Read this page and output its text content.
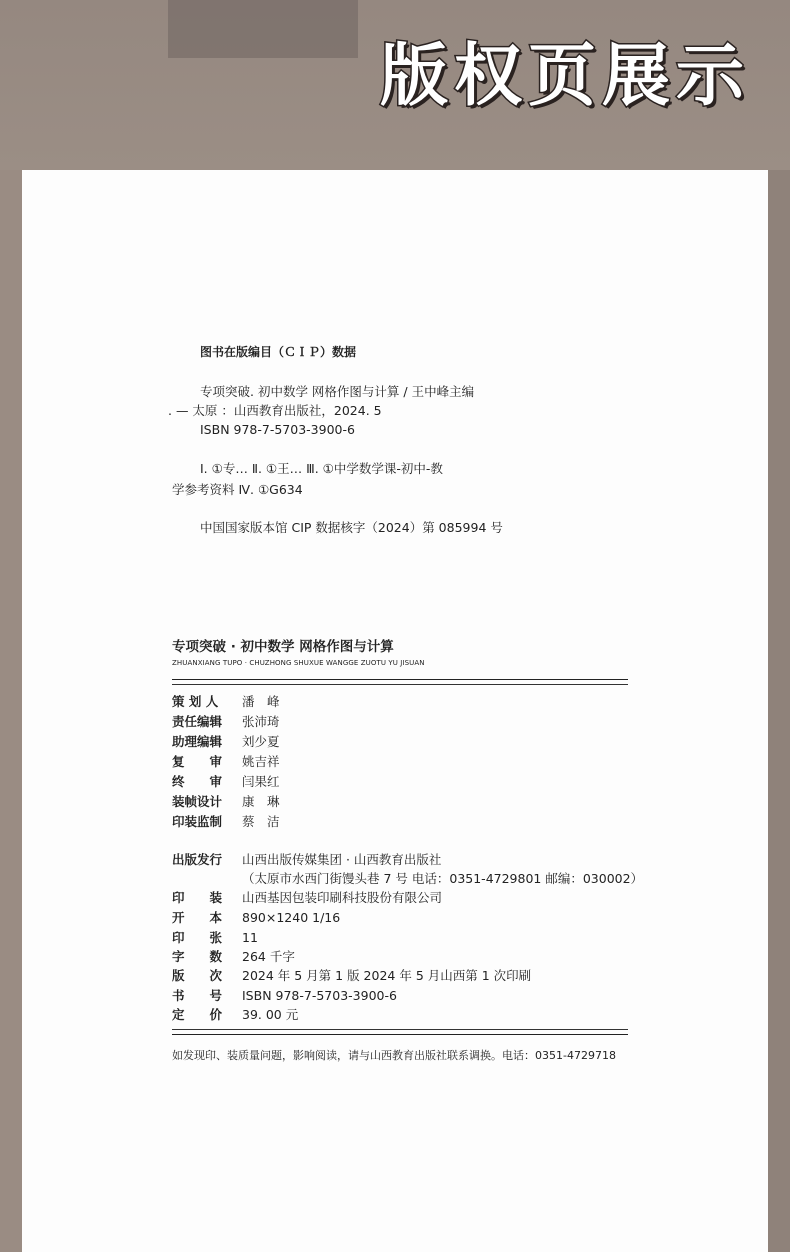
版权页展示
图书在版编目（ＣＩＰ）数据
专项突破. 初中数学 网格作图与计算 / 王中峰主编
. — 太原 ：山西教育出版社，2024. 5
ISBN 978-7-5703-3900-6
Ⅰ. ①专… Ⅱ. ①王… Ⅲ. ①中学数学课-初中-教
学参考资料 Ⅳ. ①G634
中国国家版本馆 CIP 数据核字（2024）第 085994 号
专项突破 · 初中数学 网格作图与计算
ZHUANXIANG TUPO · CHUZHONG SHUXUE WANGGE ZUOTU YU JISUAN
策 划 人 潘　峰
责任编辑 张沛琦
助理编辑 刘少夏
复　　审 姚吉祥
终　　审 闫果红
装帧设计 康　琳
印装监制 蔡　洁
出版发行 山西出版传媒集团 · 山西教育出版社
（太原市水西门街馒头巷 7 号 电话：0351-4729801 邮编：030002）
印　　装 山西基因包装印刷科技股份有限公司
开　　本 890×1240 1/16
印　　张 11
字　　数 264 千字
版　　次 2024 年 5 月第 1 版 2024 年 5 月山西第 1 次印刷
书　　号 ISBN 978-7-5703-3900-6
定　　价 39. 00 元
如发现印、装质量问题，影响阅读，请与山西教育出版社联系调换。电话：0351-4729718
